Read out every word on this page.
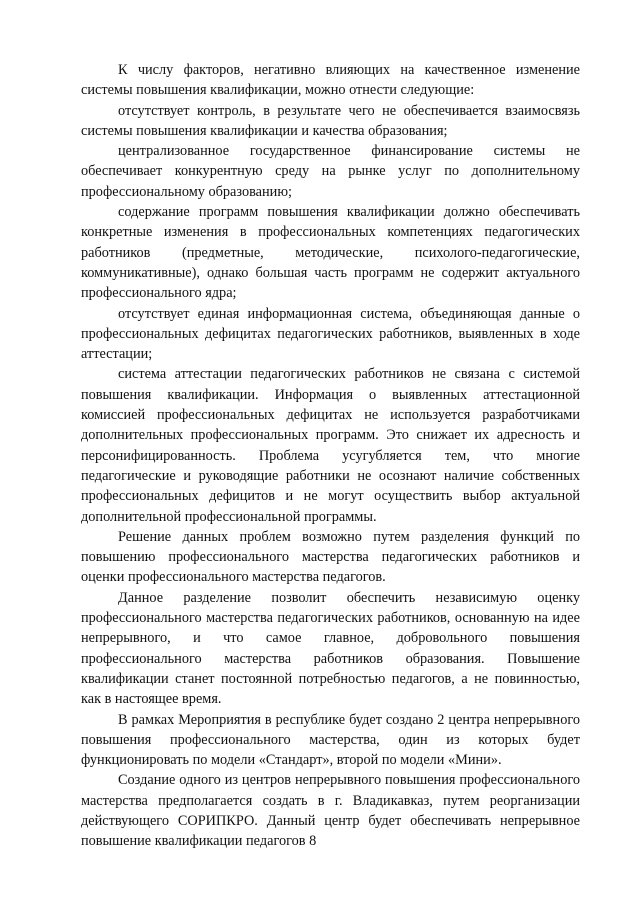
К числу факторов, негативно влияющих на качественное изменение системы повышения квалификации, можно отнести следующие:

отсутствует контроль, в результате чего не обеспечивается взаимосвязь системы повышения квалификации и качества образования;

централизованное государственное финансирование системы не обеспечивает конкурентную среду на рынке услуг по дополнительному профессиональному образованию;

содержание программ повышения квалификации должно обеспечивать конкретные изменения в профессиональных компетенциях педагогических работников (предметные, методические, психолого-педагогические, коммуникативные), однако большая часть программ не содержит актуального профессионального ядра;

отсутствует единая информационная система, объединяющая данные о профессиональных дефицитах педагогических работников, выявленных в ходе аттестации;

система аттестации педагогических работников не связана с системой повышения квалификации. Информация о выявленных аттестационной комиссией профессиональных дефицитах не используется разработчиками дополнительных профессиональных программ. Это снижает их адресность и персонифицированность. Проблема усугубляется тем, что многие педагогические и руководящие работники не осознают наличие собственных профессиональных дефицитов и не могут осуществить выбор актуальной дополнительной профессиональной программы.

Решение данных проблем возможно путем разделения функций по повышению профессионального мастерства педагогических работников и оценки профессионального мастерства педагогов.

Данное разделение позволит обеспечить независимую оценку профессионального мастерства педагогических работников, основанную на идее непрерывного, и что самое главное, добровольного повышения профессионального мастерства работников образования. Повышение квалификации станет постоянной потребностью педагогов, а не повинностью, как в настоящее время.

В рамках Мероприятия в республике будет создано 2 центра непрерывного повышения профессионального мастерства, один из которых будет функционировать по модели «Стандарт», второй по модели «Мини».

Создание одного из центров непрерывного повышения профессионального мастерства предполагается создать в г. Владикавказ, путем реорганизации действующего СОРИПКРО. Данный центр будет обеспечивать непрерывное повышение квалификации педагогов 8
